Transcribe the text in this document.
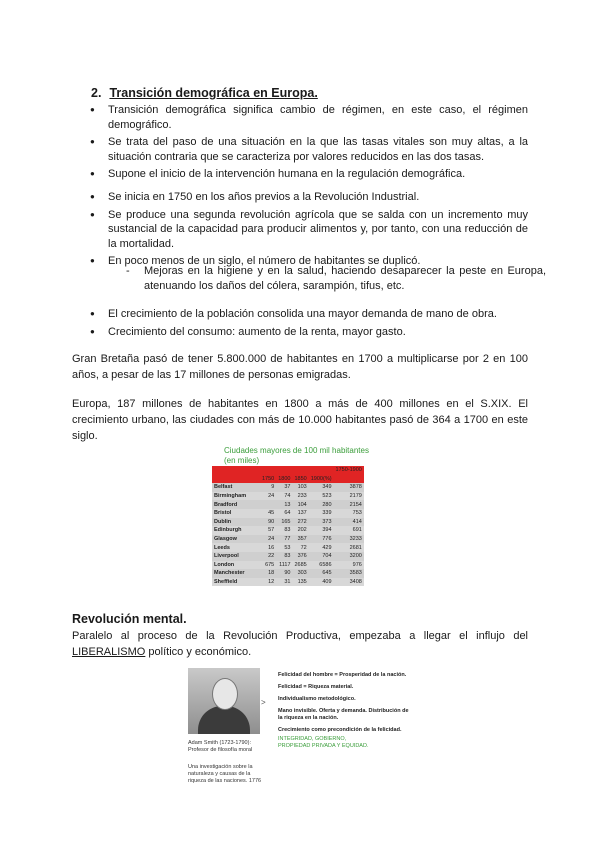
2. Transición demográfica en Europa.
● Transición demográfica significa cambio de régimen, en este caso, el régimen demográfico.
● Se trata del paso de una situación en la que las tasas vitales son muy altas, a la situación contraria que se caracteriza por valores reducidos en las dos tasas.
● Supone el inicio de la intervención humana en la regulación demográfica.
● Se inicia en 1750 en los años previos a la Revolución Industrial.
● Se produce una segunda revolución agrícola que se salda con un incremento muy sustancial de la capacidad para producir alimentos y, por tanto, con una reducción de la mortalidad.
● En poco menos de un siglo, el número de habitantes se duplicó.
- Mejoras en la higiene y en la salud, haciendo desaparecer la peste en Europa, atenuando los daños del cólera, sarampión, tifus, etc.
● El crecimiento de la población consolida una mayor demanda de mano de obra.
● Crecimiento del consumo: aumento de la renta, mayor gasto.
Gran Bretaña pasó de tener 5.800.000 de habitantes en 1700 a multiplicarse por 2 en 100 años, a pesar de las 17 millones de personas emigradas.
Europa, 187 millones de habitantes en 1800 a más de 400 millones en el S.XIX. El crecimiento urbano, las ciudades con más de 10.000 habitantes pasó de 364 a 1700 en este siglo.
Ciudades mayores de 100 mil habitantes
(en miles)
					1750-1900
	1750	1800	1850	1900(%)	
Belfast	9	37	103	349	3878
Birmingham	24	74	233	523	2179
Bradford		13	104	280	2154
Bristol	45	64	137	339	753
Dublin	90	165	272	373	414
Edinburgh	57	83	202	394	691
Glasgow	24	77	357	776	3233
Leeds	16	53	72	429	2681
Liverpool	22	83	376	704	3200
London	675	1117	2685	6586	976
Manchester	18	90	303	645	3583
Sheffield	12	31	135	409	3408
Revolución mental.
Paralelo al proceso de la Revolución Productiva, empezaba a llegar el influjo del LIBERALISMO político y económico.
Adam Smith (1723-1790): Profesor de filosofía moral
Una investigación sobre la naturaleza y causas de la riqueza de las naciones. 1776
>

Felicidad del hombre = Prosperidad de la nación.

Felicidad = Riqueza material.

Individualismo metodológico.

Mano invisible. Oferta y demanda. Distribución de la riqueza en la nación.

Crecimiento como precondición de la felicidad.

INTEGRIDAD, GOBIERNO,
PROPIEDAD PRIVADA Y EQUIDAD.
